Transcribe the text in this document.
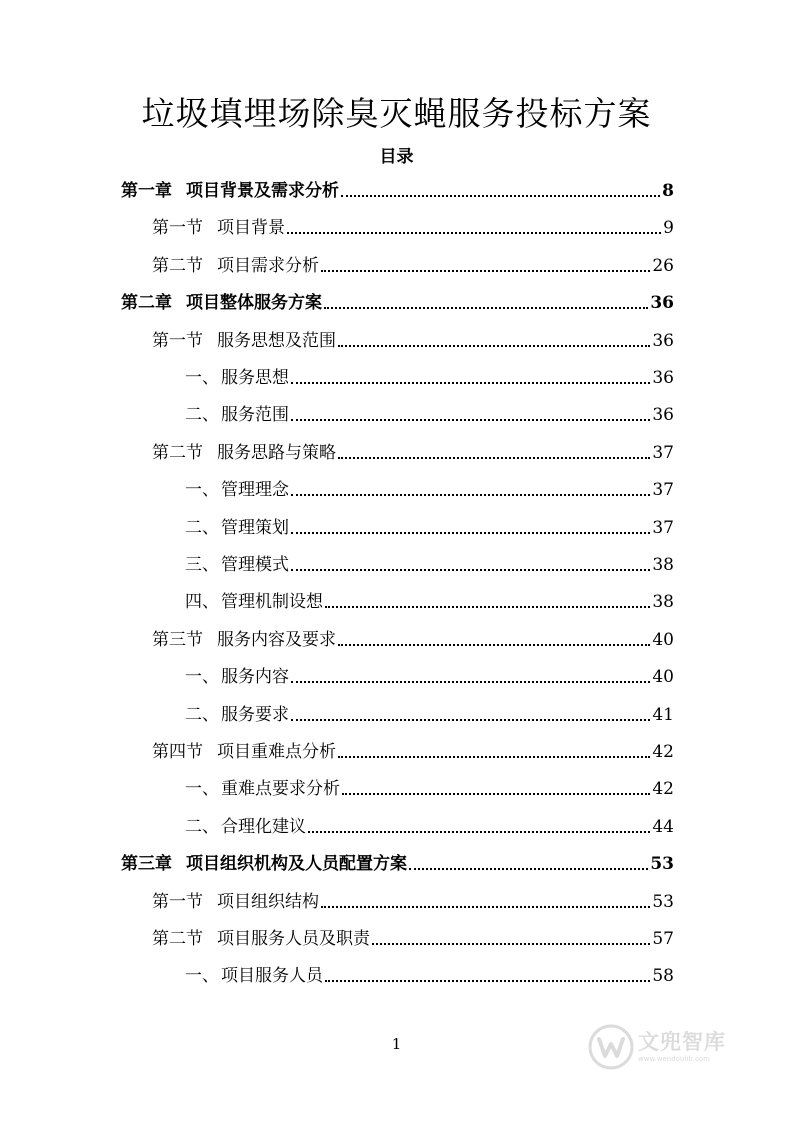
垃圾填埋场除臭灭蝇服务投标方案
目录
第一章 项目背景及需求分析	8
第一节 项目背景	9
第二节 项目需求分析	26
第二章 项目整体服务方案	36
第一节 服务思想及范围	36
一、 服务思想	36
二、 服务范围	36
第二节 服务思路与策略	37
一、 管理理念	37
二、 管理策划	37
三、 管理模式	38
四、 管理机制设想	38
第三节 服务内容及要求	40
一、 服务内容	40
二、 服务要求	41
第四节 项目重难点分析	42
一、 重难点要求分析	42
二、 合理化建议	44
第三章 项目组织机构及人员配置方案	53
第一节 项目组织结构	53
第二节 项目服务人员及职责	57
一、 项目服务人员	58
1	文兜智库
www.wendoulib.com
